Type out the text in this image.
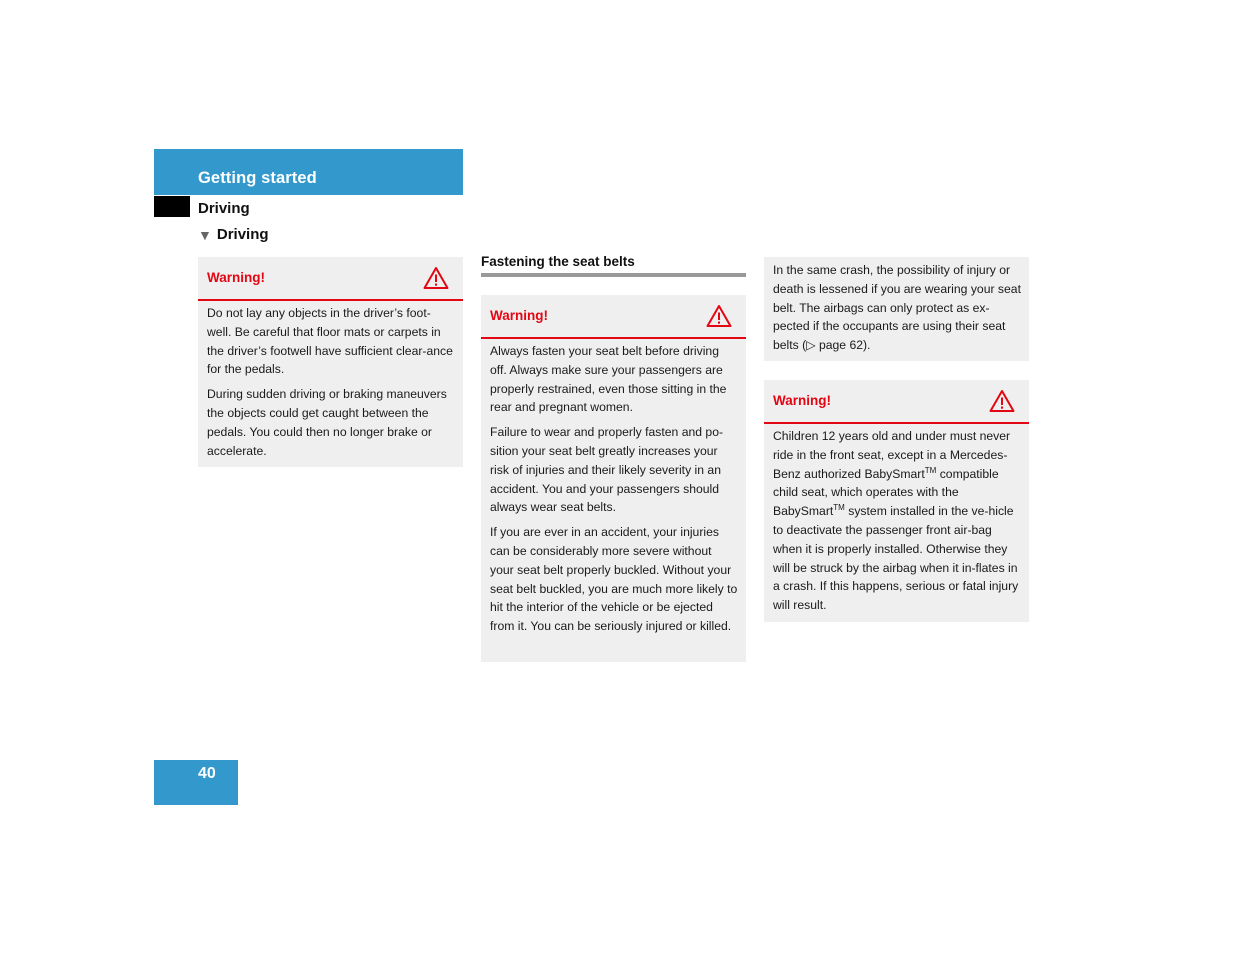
Getting started
Driving
▼ Driving
Warning!

Do not lay any objects in the driver’s foot-well. Be careful that floor mats or carpets in the driver’s footwell have sufficient clear-ance for the pedals.

During sudden driving or braking maneuvers the objects could get caught between the pedals. You could then no longer brake or accelerate.

Fastening the seat belts
Warning!

Always fasten your seat belt before driving off. Always make sure your passengers are properly restrained, even those sitting in the rear and pregnant women.

Failure to wear and properly fasten and po-sition your seat belt greatly increases your risk of injuries and their likely severity in an accident. You and your passengers should always wear seat belts.

If you are ever in an accident, your injuries can be considerably more severe without your seat belt properly buckled. Without your seat belt buckled, you are much more likely to hit the interior of the vehicle or be ejected from it. You can be seriously injured or killed.

In the same crash, the possibility of injury or death is lessened if you are wearing your seat belt. The airbags can only protect as ex-pected if the occupants are using their seat belts (▷ page 62).

Warning!

Children 12 years old and under must never ride in the front seat, except in a Mercedes-Benz authorized BabySmart™ compatible child seat, which operates with the BabySmart™ system installed in the ve-hicle to deactivate the passenger front air-bag when it is properly installed. Otherwise they will be struck by the airbag when it in-flates in a crash. If this happens, serious or fatal injury will result.

40
